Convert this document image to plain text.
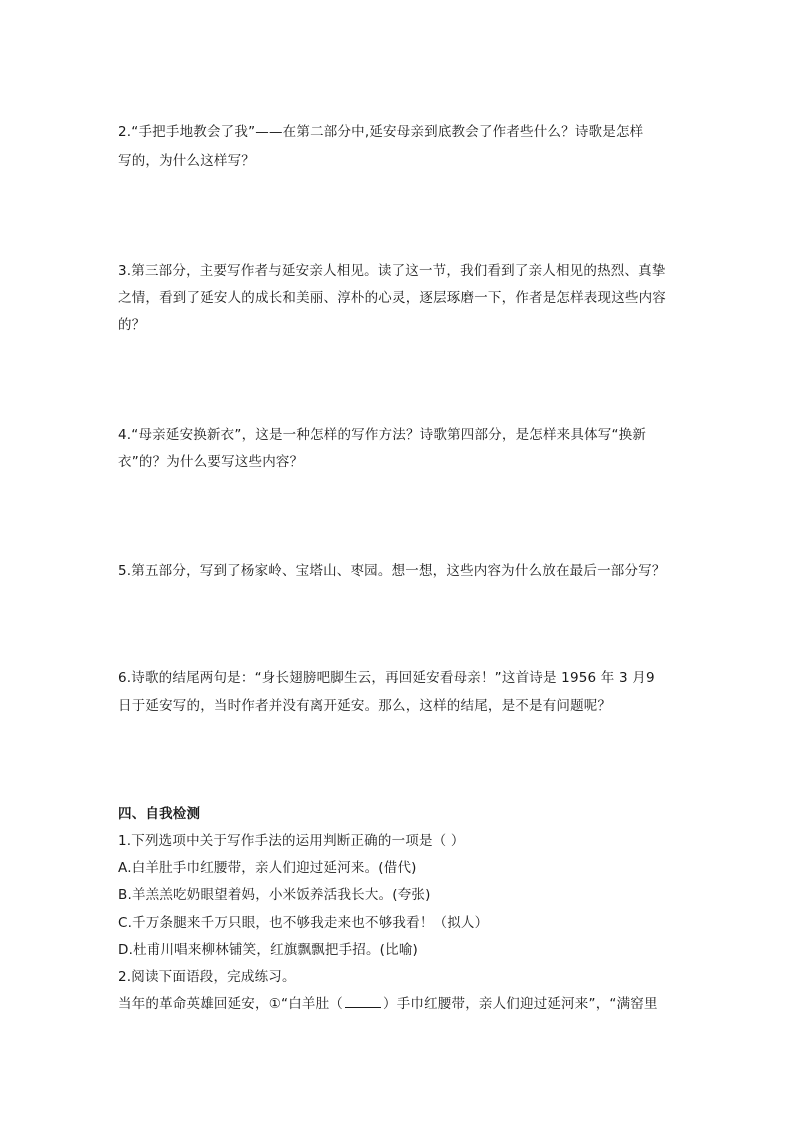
2.“手把手地教会了我”——在第二部分中,延安母亲到底教会了作者些什么？诗歌是怎样
写的，为什么这样写？
3.第三部分，主要写作者与延安亲人相见。读了这一节，我们看到了亲人相见的热烈、真挚
之情，看到了延安人的成长和美丽、淳朴的心灵，逐层琢磨一下，作者是怎样表现这些内容
的？
4.“母亲延安换新衣”，这是一种怎样的写作方法？诗歌第四部分，是怎样来具体写“换新
衣”的？为什么要写这些内容？
5.第五部分，写到了杨家岭、宝塔山、枣园。想一想，这些内容为什么放在最后一部分写？
6.诗歌的结尾两句是：“身长翅膀吧脚生云，再回延安看母亲！”这首诗是 1956 年 3 月9
日于延安写的，当时作者并没有离开延安。那么，这样的结尾，是不是有问题呢？
四、自我检测
1.下列选项中关于写作手法的运用判断正确的一项是（ ）
A.白羊肚手巾红腰带，亲人们迎过延河来。(借代)
B.羊羔羔吃奶眼望着妈，小米饭养活我长大。(夸张)
C.千万条腿来千万只眼，也不够我走来也不够我看！（拟人）
D.杜甫川唱来柳林铺笑，红旗飘飘把手招。(比喻)
2.阅读下面语段，完成练习。
当年的革命英雄回延安，①“白羊肚（	）手巾红腰带，亲人们迎过延河来”，“满窑里
